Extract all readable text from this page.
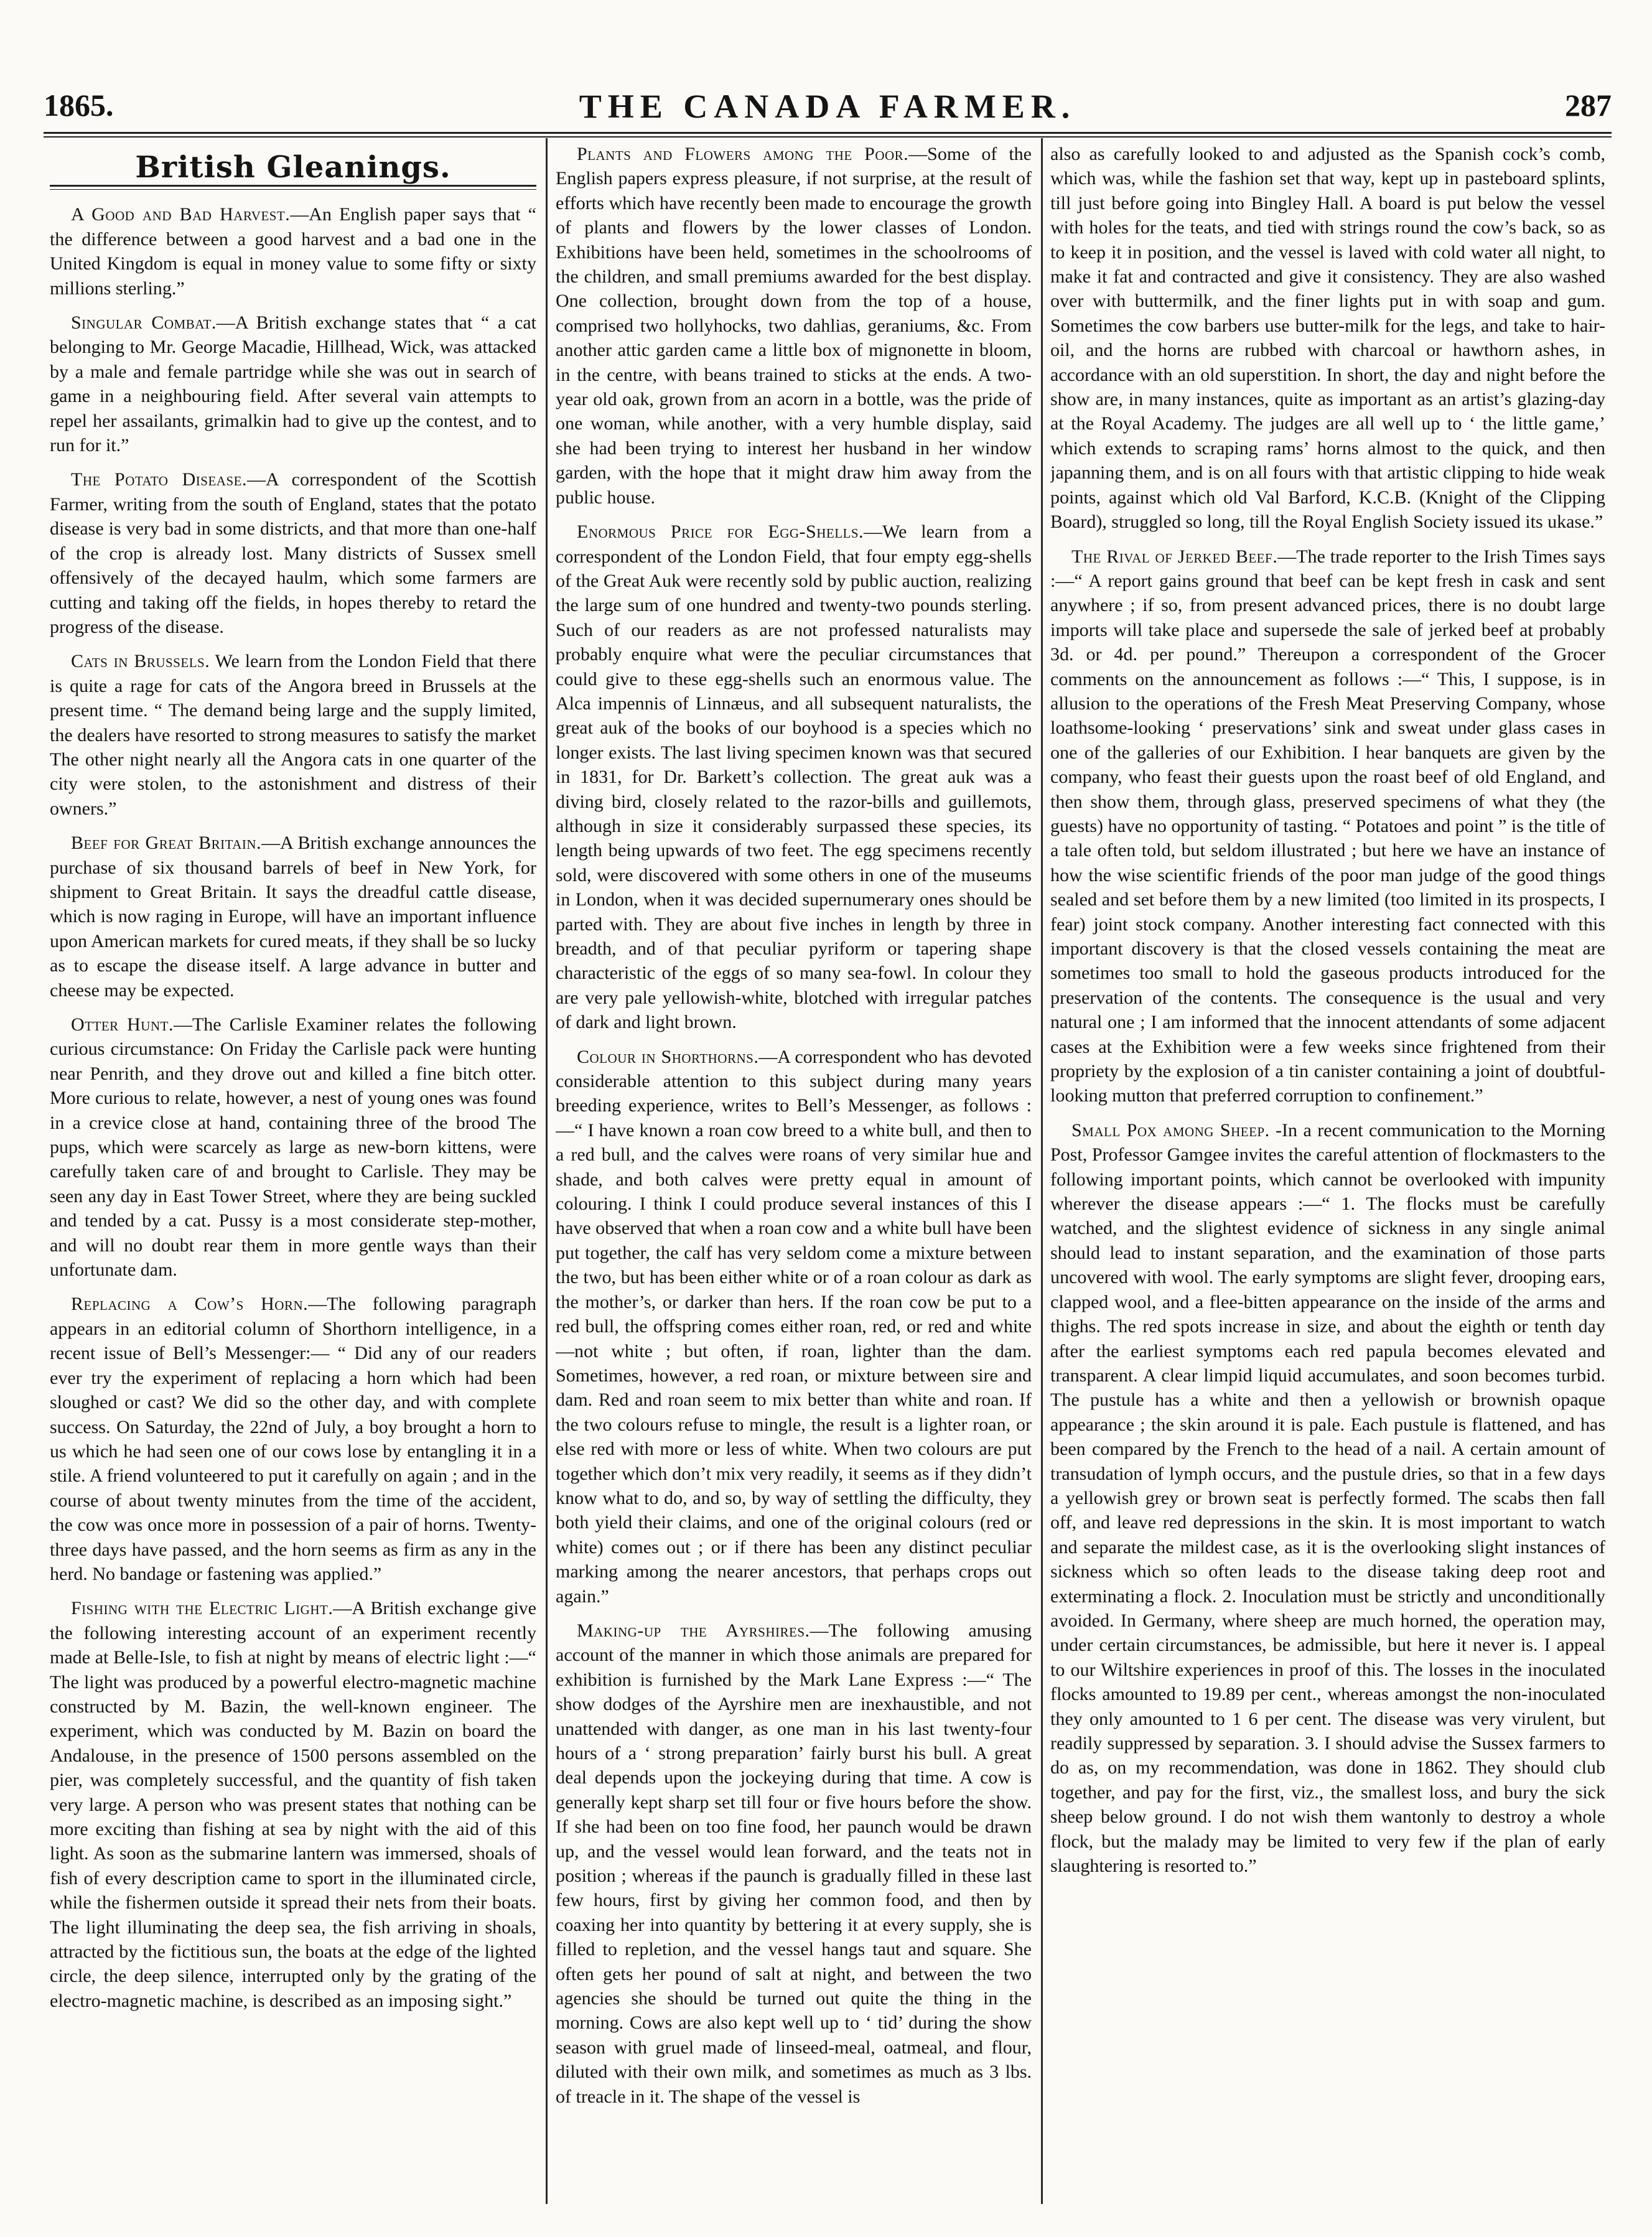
THE CANADA FARMER.
1865.	287
British Gleanings.

A Good and Bad Harvest.—An English paper says that “ the difference between a good harvest and a bad one in the United Kingdom is equal in money value to some fifty or sixty millions sterling.”

Singular Combat.—A British exchange states that “ a cat belonging to Mr. George Macadie, Hillhead, Wick, was attacked by a male and female partridge while she was out in search of game in a neighbouring field. After several vain attempts to repel her assailants, grimalkin had to give up the contest, and to run for it.”

The Potato Disease.—A correspondent of the Scottish Farmer, writing from the south of England, states that the potato disease is very bad in some districts, and that more than one-half of the crop is already lost. Many districts of Sussex smell offensively of the decayed haulm, which some farmers are cutting and taking off the fields, in hopes thereby to retard the progress of the disease.

Cats in Brussels. We learn from the London Field that there is quite a rage for cats of the Angora breed in Brussels at the present time. “ The demand being large and the supply limited, the dealers have resorted to strong measures to satisfy the market The other night nearly all the Angora cats in one quarter of the city were stolen, to the astonishment and distress of their owners.”

Beef for Great Britain.—A British exchange announces the purchase of six thousand barrels of beef in New York, for shipment to Great Britain. It says the dreadful cattle disease, which is now raging in Europe, will have an important influence upon American markets for cured meats, if they shall be so lucky as to escape the disease itself. A large advance in butter and cheese may be expected.

Otter Hunt.—The Carlisle Examiner relates the following curious circumstance: On Friday the Carlisle pack were hunting near Penrith, and they drove out and killed a fine bitch otter. More curious to relate, however, a nest of young ones was found in a crevice close at hand, containing three of the brood The pups, which were scarcely as large as new-born kittens, were carefully taken care of and brought to Carlisle. They may be seen any day in East Tower Street, where they are being suckled and tended by a cat. Pussy is a most considerate step-mother, and will no doubt rear them in more gentle ways than their unfortunate dam.

Replacing a Cow’s Horn.—The following paragraph appears in an editorial column of Shorthorn intelligence, in a recent issue of Bell’s Messenger:— “ Did any of our readers ever try the experiment of replacing a horn which had been sloughed or cast? We did so the other day, and with complete success. On Saturday, the 22nd of July, a boy brought a horn to us which he had seen one of our cows lose by entangling it in a stile. A friend volunteered to put it carefully on again ; and in the course of about twenty minutes from the time of the accident, the cow was once more in possession of a pair of horns. Twenty-three days have passed, and the horn seems as firm as any in the herd. No bandage or fastening was applied.”

Fishing with the Electric Light.—A British exchange give the following interesting account of an experiment recently made at Belle-Isle, to fish at night by means of electric light :—“ The light was produced by a powerful electro-magnetic machine constructed by M. Bazin, the well-known engineer. The experiment, which was conducted by M. Bazin on board the Andalouse, in the presence of 1500 persons assembled on the pier, was completely successful, and the quantity of fish taken very large. A person who was present states that nothing can be more exciting than fishing at sea by night with the aid of this light. As soon as the submarine lantern was immersed, shoals of fish of every description came to sport in the illuminated circle, while the fishermen outside it spread their nets from their boats. The light illuminating the deep sea, the fish arriving in shoals, attracted by the fictitious sun, the boats at the edge of the lighted circle, the deep silence, interrupted only by the grating of the electro-magnetic machine, is described as an imposing sight.”

Plants and Flowers among the Poor.—Some of the English papers express pleasure, if not surprise, at the result of efforts which have recently been made to encourage the growth of plants and flowers by the lower classes of London. Exhibitions have been held, sometimes in the schoolrooms of the children, and small premiums awarded for the best display. One collection, brought down from the top of a house, comprised two hollyhocks, two dahlias, geraniums, &c. From another attic garden came a little box of mignonette in bloom, in the centre, with beans trained to sticks at the ends. A two-year old oak, grown from an acorn in a bottle, was the pride of one woman, while another, with a very humble display, said she had been trying to interest her husband in her window garden, with the hope that it might draw him away from the public house.

Enormous Price for Egg-Shells.—We learn from a correspondent of the London Field, that four empty egg-shells of the Great Auk were recently sold by public auction, realizing the large sum of one hundred and twenty-two pounds sterling. Such of our readers as are not professed naturalists may probably enquire what were the peculiar circumstances that could give to these egg-shells such an enormous value. The Alca impennis of Linnæus, and all subsequent naturalists, the great auk of the books of our boyhood is a species which no longer exists. The last living specimen known was that secured in 1831, for Dr. Barkett’s collection. The great auk was a diving bird, closely related to the razor-bills and guillemots, although in size it considerably surpassed these species, its length being upwards of two feet. The egg specimens recently sold, were discovered with some others in one of the museums in London, when it was decided supernumerary ones should be parted with. They are about five inches in length by three in breadth, and of that peculiar pyriform or tapering shape characteristic of the eggs of so many sea-fowl. In colour they are very pale yellowish-white, blotched with irregular patches of dark and light brown.

Colour in Shorthorns.—A correspondent who has devoted considerable attention to this subject during many years breeding experience, writes to Bell’s Messenger, as follows :—“ I have known a roan cow breed to a white bull, and then to a red bull, and the calves were roans of very similar hue and shade, and both calves were pretty equal in amount of colouring. I think I could produce several instances of this I have observed that when a roan cow and a white bull have been put together, the calf has very seldom come a mixture between the two, but has been either white or of a roan colour as dark as the mother’s, or darker than hers. If the roan cow be put to a red bull, the offspring comes either roan, red, or red and white—not white ; but often, if roan, lighter than the dam. Sometimes, however, a red roan, or mixture between sire and dam. Red and roan seem to mix better than white and roan. If the two colours refuse to mingle, the result is a lighter roan, or else red with more or less of white. When two colours are put together which don’t mix very readily, it seems as if they didn’t know what to do, and so, by way of settling the difficulty, they both yield their claims, and one of the original colours (red or white) comes out ; or if there has been any distinct peculiar marking among the nearer ancestors, that perhaps crops out again.”

Making-up the Ayrshires.—The following amusing account of the manner in which those animals are prepared for exhibition is furnished by the Mark Lane Express :—“ The show dodges of the Ayrshire men are inexhaustible, and not unattended with danger, as one man in his last twenty-four hours of a ‘ strong preparation’ fairly burst his bull. A great deal depends upon the jockeying during that time. A cow is generally kept sharp set till four or five hours before the show. If she had been on too fine food, her paunch would be drawn up, and the vessel would lean forward, and the teats not in position ; whereas if the paunch is gradually filled in these last few hours, first by giving her common food, and then by coaxing her into quantity by bettering it at every supply, she is filled to repletion, and the vessel hangs taut and square. She often gets her pound of salt at night, and between the two agencies she should be turned out quite the thing in the morning. Cows are also kept well up to ‘ tid’ during the show season with gruel made of linseed-meal, oatmeal, and flour, diluted with their own milk, and sometimes as much as 3 lbs. of treacle in it. The shape of the vessel is

also as carefully looked to and adjusted as the Spanish cock’s comb, which was, while the fashion set that way, kept up in pasteboard splints, till just before going into Bingley Hall. A board is put below the vessel with holes for the teats, and tied with strings round the cow’s back, so as to keep it in position, and the vessel is laved with cold water all night, to make it fat and contracted and give it consistency. They are also washed over with buttermilk, and the finer lights put in with soap and gum. Sometimes the cow barbers use butter-milk for the legs, and take to hair-oil, and the horns are rubbed with charcoal or hawthorn ashes, in accordance with an old superstition. In short, the day and night before the show are, in many instances, quite as important as an artist’s glazing-day at the Royal Academy. The judges are all well up to ‘ the little game,’ which extends to scraping rams’ horns almost to the quick, and then japanning them, and is on all fours with that artistic clipping to hide weak points, against which old Val Barford, K.C.B. (Knight of the Clipping Board), struggled so long, till the Royal English Society issued its ukase.”

The Rival of Jerked Beef.—The trade reporter to the Irish Times says :—“ A report gains ground that beef can be kept fresh in cask and sent anywhere ; if so, from present advanced prices, there is no doubt large imports will take place and supersede the sale of jerked beef at probably 3d. or 4d. per pound.” Thereupon a correspondent of the Grocer comments on the announcement as follows :—“ This, I suppose, is in allusion to the operations of the Fresh Meat Preserving Company, whose loathsome-looking ‘ preservations’ sink and sweat under glass cases in one of the galleries of our Exhibition. I hear banquets are given by the company, who feast their guests upon the roast beef of old England, and then show them, through glass, preserved specimens of what they (the guests) have no opportunity of tasting. “ Potatoes and point ” is the title of a tale often told, but seldom illustrated ; but here we have an instance of how the wise scientific friends of the poor man judge of the good things sealed and set before them by a new limited (too limited in its prospects, I fear) joint stock company. Another interesting fact connected with this important discovery is that the closed vessels containing the meat are sometimes too small to hold the gaseous products introduced for the preservation of the contents. The consequence is the usual and very natural one ; I am informed that the innocent attendants of some adjacent cases at the Exhibition were a few weeks since frightened from their propriety by the explosion of a tin canister containing a joint of doubtful-looking mutton that preferred corruption to confinement.”

Small Pox among Sheep. -In a recent communication to the Morning Post, Professor Gamgee invites the careful attention of flockmasters to the following important points, which cannot be overlooked with impunity wherever the disease appears :—“ 1. The flocks must be carefully watched, and the slightest evidence of sickness in any single animal should lead to instant separation, and the examination of those parts uncovered with wool. The early symptoms are slight fever, drooping ears, clapped wool, and a flee-bitten appearance on the inside of the arms and thighs. The red spots increase in size, and about the eighth or tenth day after the earliest symptoms each red papula becomes elevated and transparent. A clear limpid liquid accumulates, and soon becomes turbid. The pustule has a white and then a yellowish or brownish opaque appearance ; the skin around it is pale. Each pustule is flattened, and has been compared by the French to the head of a nail. A certain amount of transudation of lymph occurs, and the pustule dries, so that in a few days a yellowish grey or brown seat is perfectly formed. The scabs then fall off, and leave red depressions in the skin. It is most important to watch and separate the mildest case, as it is the overlooking slight instances of sickness which so often leads to the disease taking deep root and exterminating a flock. 2. Inoculation must be strictly and unconditionally avoided. In Germany, where sheep are much horned, the operation may, under certain circumstances, be admissible, but here it never is. I appeal to our Wiltshire experiences in proof of this. The losses in the inoculated flocks amounted to 19.89 per cent., whereas amongst the non-inoculated they only amounted to 1 6 per cent. The disease was very virulent, but readily suppressed by separation. 3. I should advise the Sussex farmers to do as, on my recommendation, was done in 1862. They should club together, and pay for the first, viz., the smallest loss, and bury the sick sheep below ground. I do not wish them wantonly to destroy a whole flock, but the malady may be limited to very few if the plan of early slaughtering is resorted to.”
